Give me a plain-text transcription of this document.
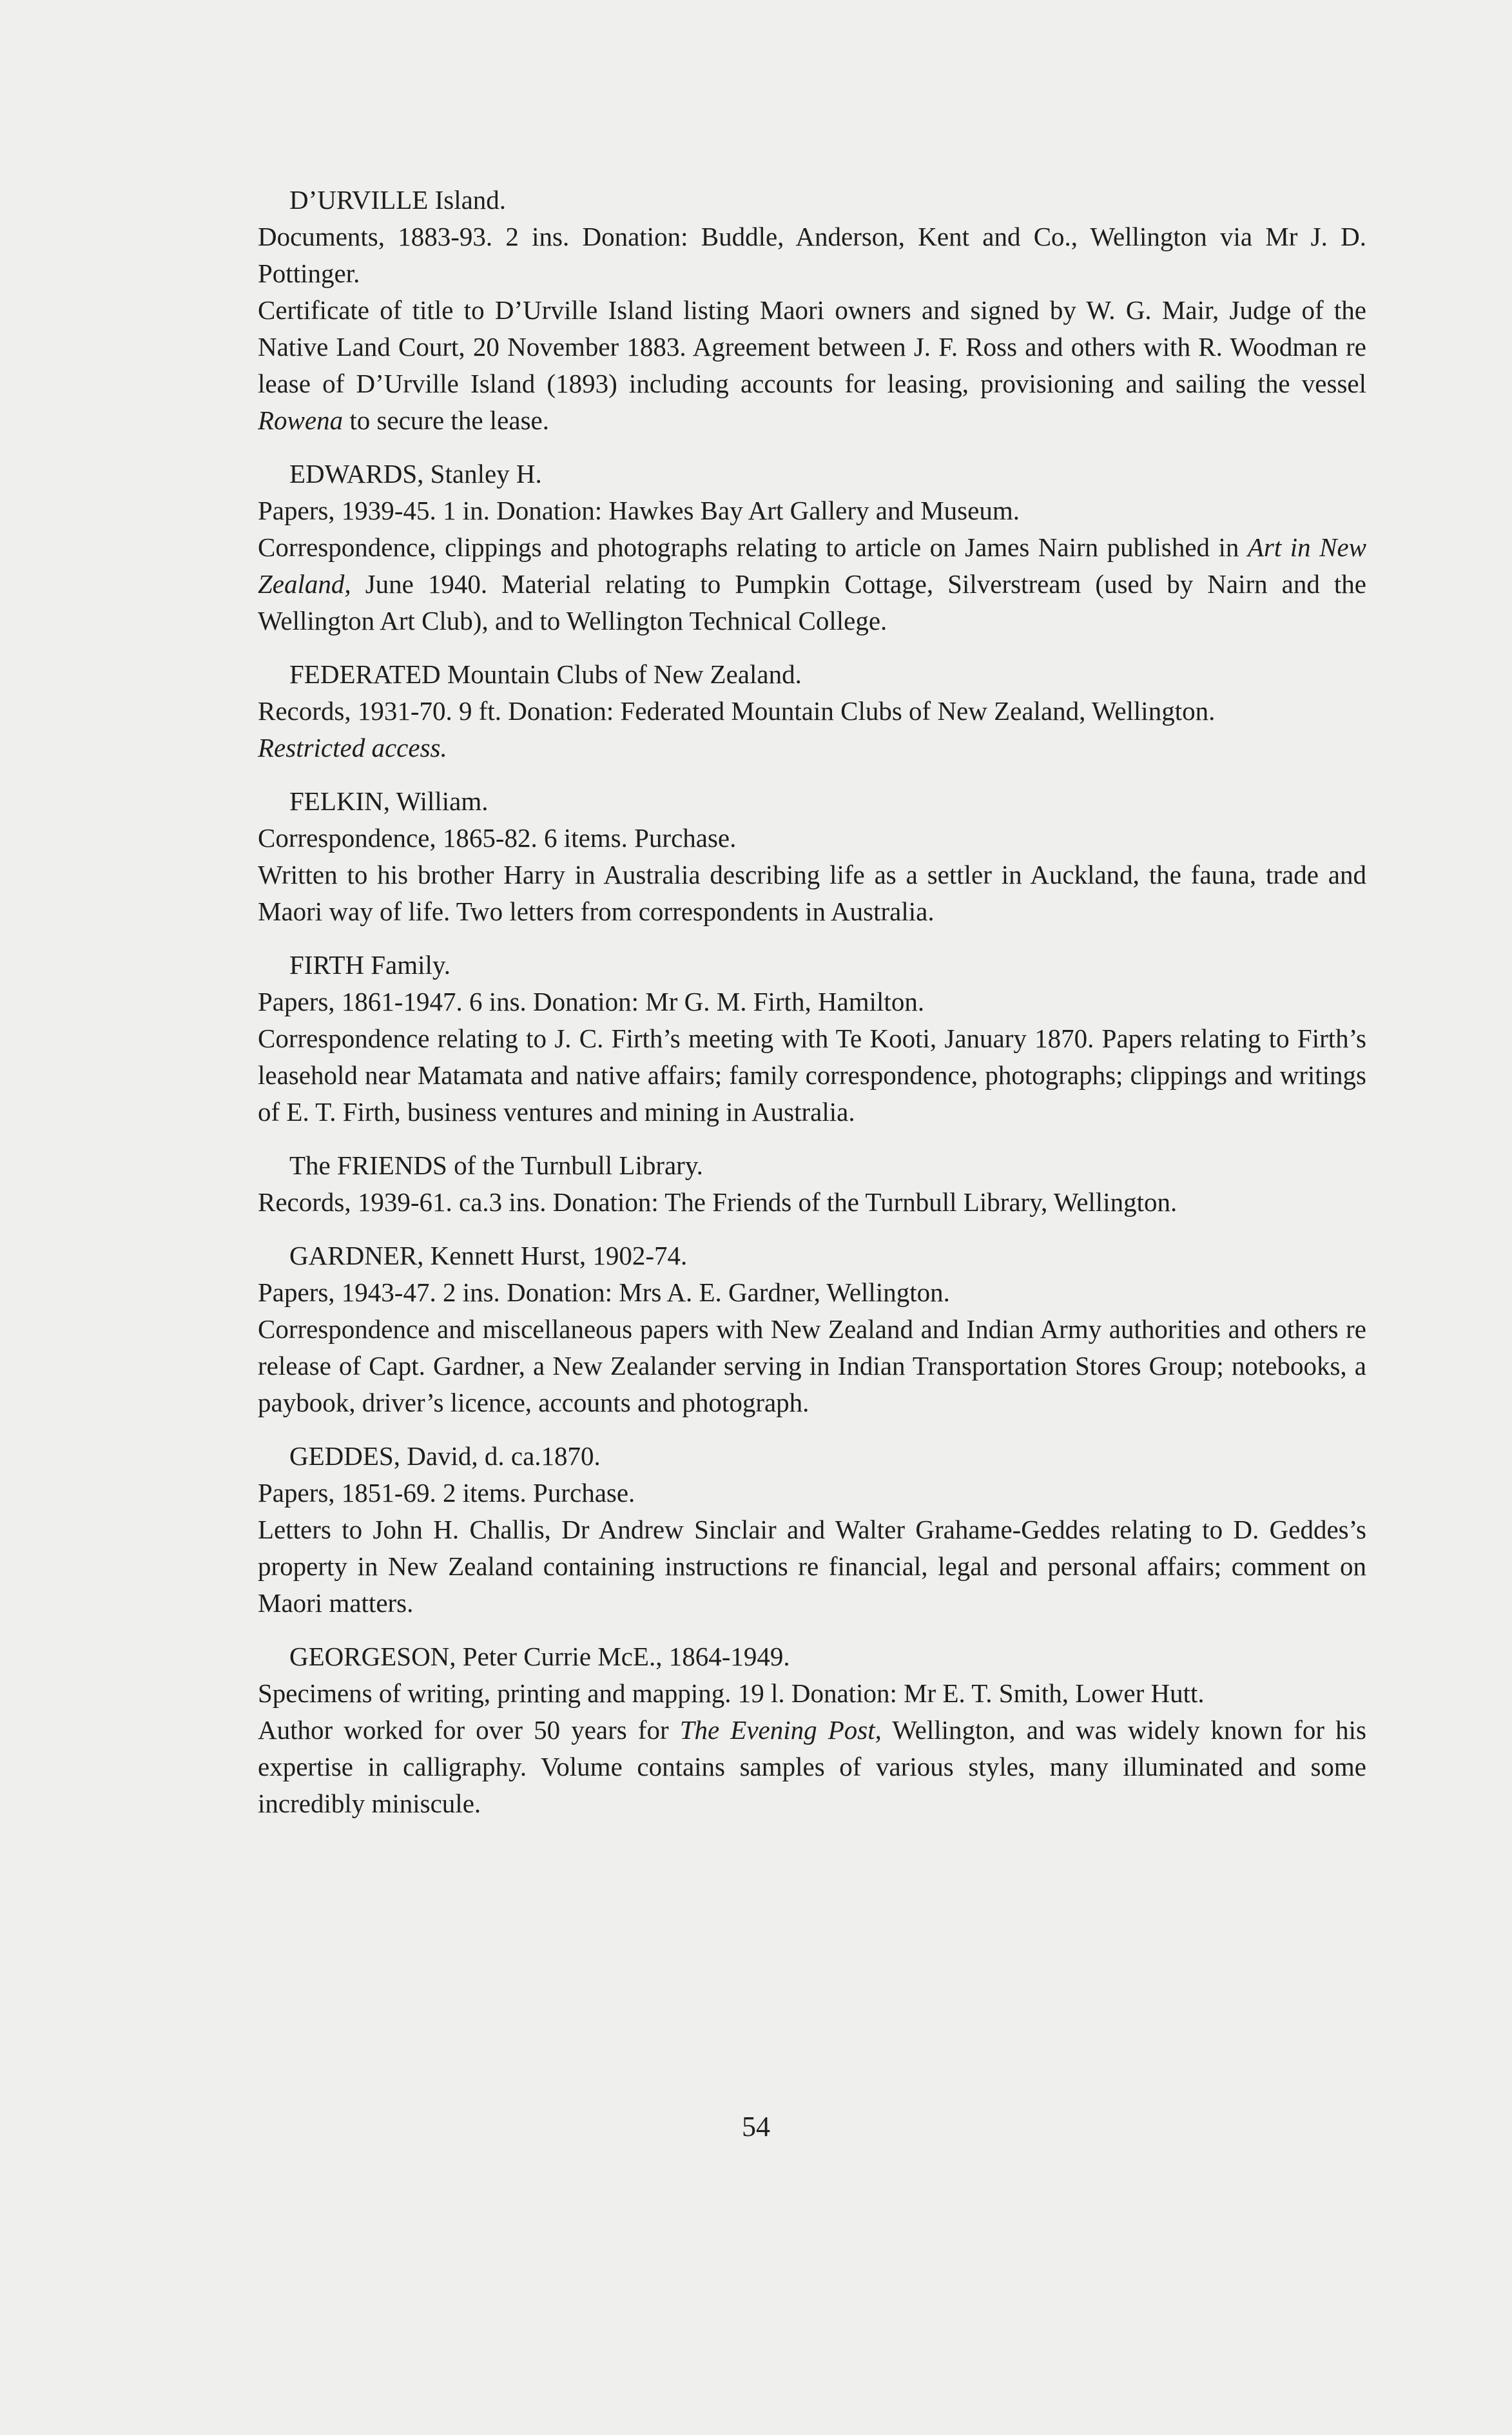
D’URVILLE Island.
Documents, 1883-93. 2 ins. Donation: Buddle, Anderson, Kent and Co., Wellington via Mr J. D. Pottinger.
Certificate of title to D’Urville Island listing Maori owners and signed by W. G. Mair, Judge of the Native Land Court, 20 November 1883. Agreement between J. F. Ross and others with R. Woodman re lease of D’Urville Island (1893) including accounts for leasing, provisioning and sailing the vessel Rowena to secure the lease.
EDWARDS, Stanley H.
Papers, 1939-45. 1 in. Donation: Hawkes Bay Art Gallery and Museum.
Correspondence, clippings and photographs relating to article on James Nairn published in Art in New Zealand, June 1940. Material relating to Pumpkin Cottage, Silverstream (used by Nairn and the Wellington Art Club), and to Wellington Technical College.
FEDERATED Mountain Clubs of New Zealand.
Records, 1931-70. 9 ft. Donation: Federated Mountain Clubs of New Zealand, Wellington.
Restricted access.
FELKIN, William.
Correspondence, 1865-82. 6 items. Purchase.
Written to his brother Harry in Australia describing life as a settler in Auckland, the fauna, trade and Maori way of life. Two letters from correspondents in Australia.
FIRTH Family.
Papers, 1861-1947. 6 ins. Donation: Mr G. M. Firth, Hamilton.
Correspondence relating to J. C. Firth’s meeting with Te Kooti, January 1870. Papers relating to Firth’s leasehold near Matamata and native affairs; family correspondence, photographs; clippings and writings of E. T. Firth, business ventures and mining in Australia.
The FRIENDS of the Turnbull Library.
Records, 1939-61. ca.3 ins. Donation: The Friends of the Turnbull Library, Wellington.
GARDNER, Kennett Hurst, 1902-74.
Papers, 1943-47. 2 ins. Donation: Mrs A. E. Gardner, Wellington.
Correspondence and miscellaneous papers with New Zealand and Indian Army authorities and others re release of Capt. Gardner, a New Zealander serving in Indian Transportation Stores Group; notebooks, a paybook, driver’s licence, accounts and photograph.
GEDDES, David, d. ca.1870.
Papers, 1851-69. 2 items. Purchase.
Letters to John H. Challis, Dr Andrew Sinclair and Walter Grahame-Geddes relating to D. Geddes’s property in New Zealand containing instructions re financial, legal and personal affairs; comment on Maori matters.
GEORGESON, Peter Currie McE., 1864-1949.
Specimens of writing, printing and mapping. 19 l. Donation: Mr E. T. Smith, Lower Hutt.
Author worked for over 50 years for The Evening Post, Wellington, and was widely known for his expertise in calligraphy. Volume contains samples of various styles, many illuminated and some incredibly miniscule.
54
